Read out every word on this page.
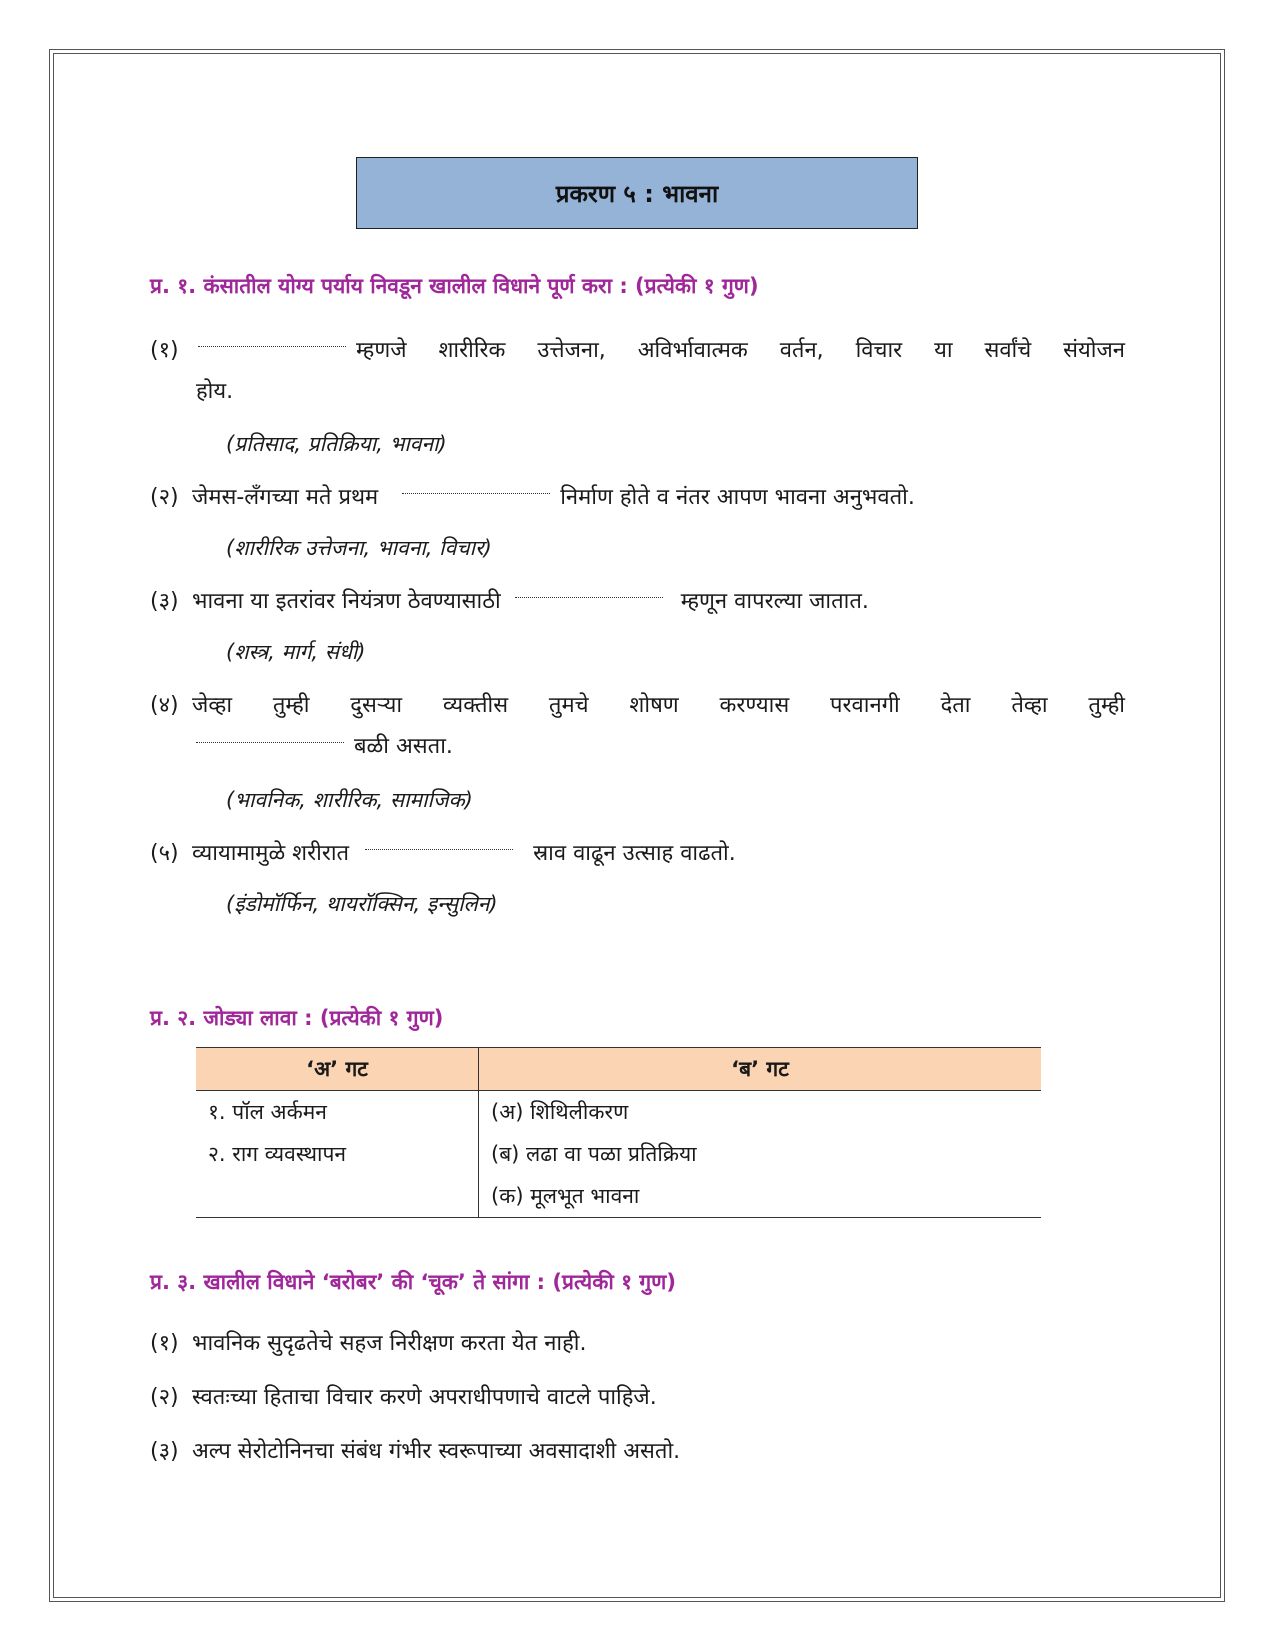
प्रकरण ५ : भावना
प्र. १. कंसातील योग्य पर्याय निवडून खालील विधाने पूर्ण करा : (प्रत्येकी १ गुण)
(१)	म्हणजे शारीरिक उत्तेजना, अविर्भावात्मक वर्तन, विचार या सर्वांचे संयोजन
होय.
(प्रतिसाद, प्रतिक्रिया, भावना)
(२) जेमस-लँगच्या मते प्रथम	निर्माण होते व नंतर आपण भावना अनुभवतो.
(शारीरिक उत्तेजना, भावना, विचार)
(३) भावना या इतरांवर नियंत्रण ठेवण्यासाठी	म्हणून वापरल्या जातात.
(शस्त्र, मार्ग, संधी)
(४) जेव्हा तुम्ही दुसऱ्या व्यक्तीस तुमचे शोषण करण्यास परवानगी देता तेव्हा तुम्ही
बळी असता.
(भावनिक, शारीरिक, सामाजिक)
(५) व्यायामामुळे शरीरात	स्राव वाढून उत्साह वाढतो.
(इंडोमॉर्फिन, थायरॉक्सिन, इन्सुलिन)
प्र. २. जोड्या लावा : (प्रत्येकी १ गुण)
‘अ’ गट	‘ब’ गट
१. पॉल अर्कमन	(अ) शिथिलीकरण
२. राग व्यवस्थापन	(ब) लढा वा पळा प्रतिक्रिया
	(क) मूलभूत भावना
प्र. ३. खालील विधाने ‘बरोबर’ की ‘चूक’ ते सांगा : (प्रत्येकी १ गुण)
(१) भावनिक सुदृढतेचे सहज निरीक्षण करता येत नाही.
(२) स्वतःच्या हिताचा विचार करणे अपराधीपणाचे वाटले पाहिजे.
(३) अल्प सेरोटोनिनचा संबंध गंभीर स्वरूपाच्या अवसादाशी असतो.
